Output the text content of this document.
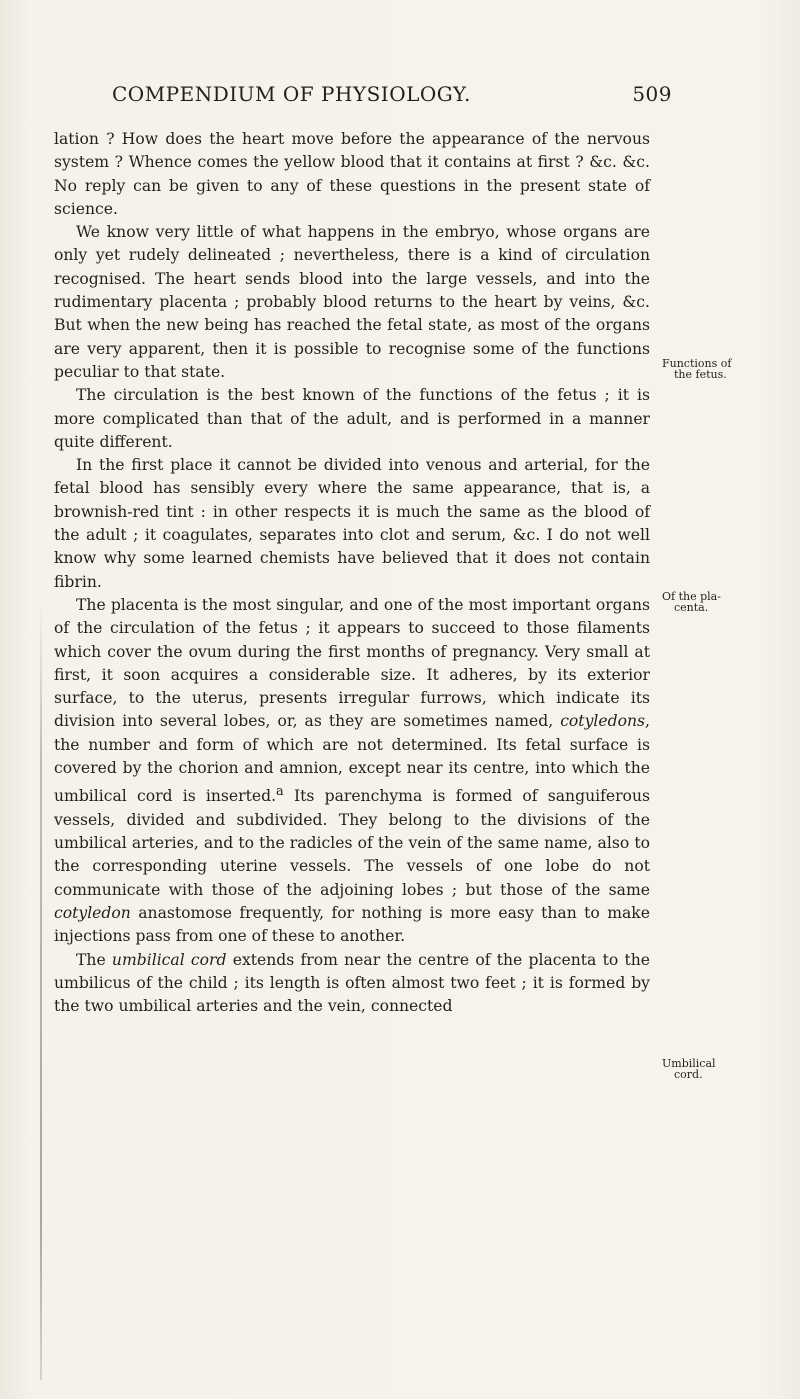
COMPENDIUM OF PHYSIOLOGY.	509

lation ? How does the heart move before the appearance of the nervous system ? Whence comes the yellow blood that it contains at first ? &c. &c. No reply can be given to any of these questions in the present state of science.

We know very little of what happens in the embryo, whose organs are only yet rudely delineated ; nevertheless, there is a kind of circulation recognised. The heart sends blood into the large vessels, and into the rudimentary placenta ; probably blood returns to the heart by veins, &c. But when the new being has reached the fetal state, as most of the organs are very apparent, then it is possible to recognise some of the functions peculiar to that state.

The circulation is the best known of the functions of the fetus ; it is more complicated than that of the adult, and is performed in a manner quite different.

In the first place it cannot be divided into venous and arterial, for the fetal blood has sensibly every where the same appearance, that is, a brownish-red tint : in other respects it is much the same as the blood of the adult ; it coagulates, separates into clot and serum, &c. I do not well know why some learned chemists have believed that it does not contain fibrin.

The placenta is the most singular, and one of the most important organs of the circulation of the fetus ; it appears to succeed to those filaments which cover the ovum during the first months of pregnancy. Very small at first, it soon acquires a considerable size. It adheres, by its exterior surface, to the uterus, presents irregular furrows, which indicate its division into several lobes, or, as they are sometimes named, cotyledons, the number and form of which are not determined. Its fetal surface is covered by the chorion and amnion, except near its centre, into which the umbilical cord is inserted.$^a$ Its parenchyma is formed of sanguiferous vessels, divided and subdivided. They belong to the divisions of the umbilical arteries, and to the radicles of the vein of the same name, also to the corresponding uterine vessels. The vessels of one lobe do not communicate with those of the adjoining lobes ; but those of the same cotyledon anastomose frequently, for nothing is more easy than to make injections pass from one of these to another.

The umbilical cord extends from near the centre of the placenta to the umbilicus of the child ; its length is often almost two feet ; it is formed by the two umbilical arteries and the vein, connected

Functions of
the fetus.
Of the pla-
centa.
Umbilical
cord.
